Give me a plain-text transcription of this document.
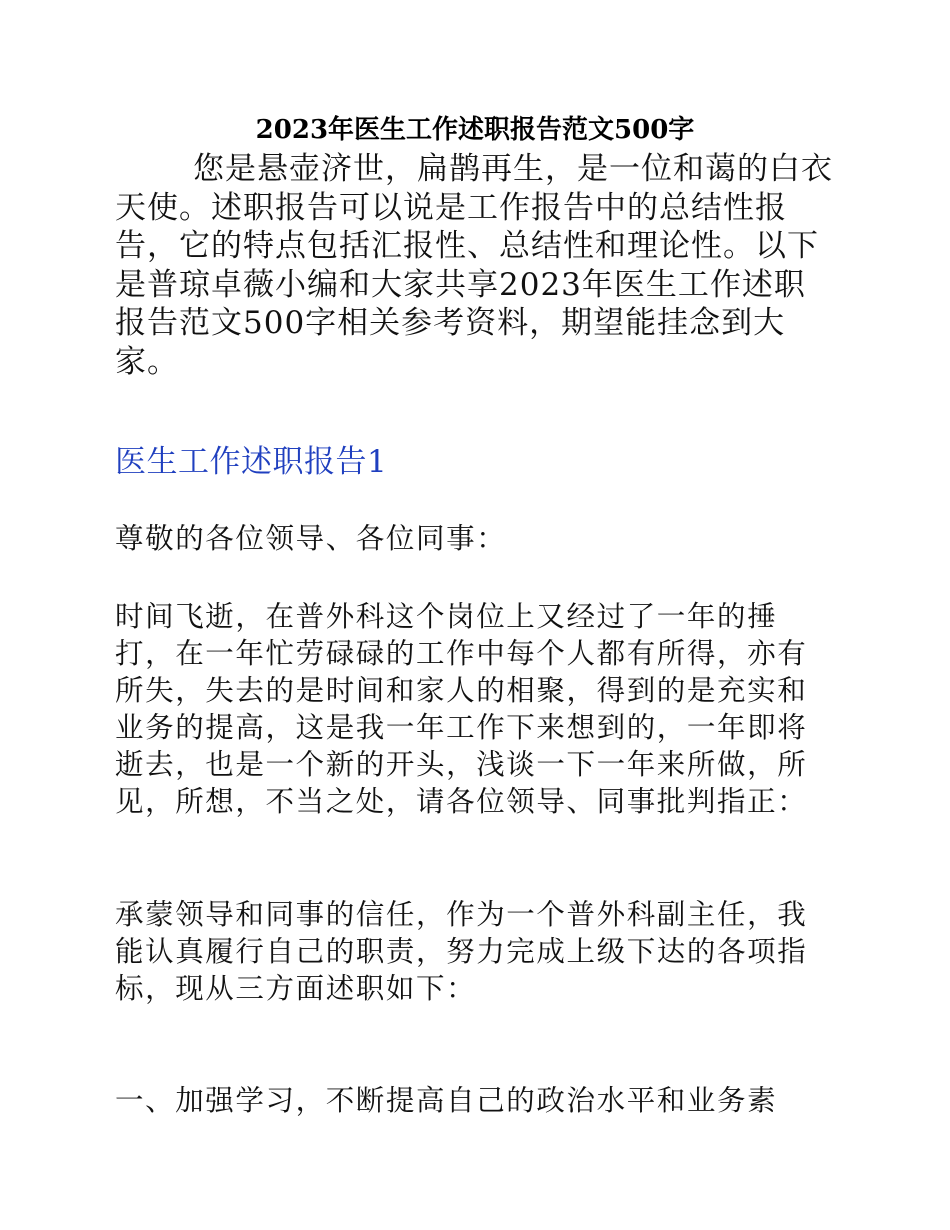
2023年医生工作述职报告范文500字
您是悬壶济世，扁鹊再生，是一位和蔼的白衣天使。述职报告可以说是工作报告中的总结性报告，它的特点包括汇报性、总结性和理论性。以下是普琼卓薇小编和大家共享2023年医生工作述职报告范文500字相关参考资料，期望能挂念到大家。
医生工作述职报告1
尊敬的各位领导、各位同事：
时间飞逝，在普外科这个岗位上又经过了一年的捶打，在一年忙劳碌碌的工作中每个人都有所得，亦有所失，失去的是时间和家人的相聚，得到的是充实和业务的提高，这是我一年工作下来想到的，一年即将逝去，也是一个新的开头，浅谈一下一年来所做，所见，所想，不当之处，请各位领导、同事批判指正：
承蒙领导和同事的信任，作为一个普外科副主任，我能认真履行自己的职责，努力完成上级下达的各项指标，现从三方面述职如下：
一、加强学习，不断提高自己的政治水平和业务素
